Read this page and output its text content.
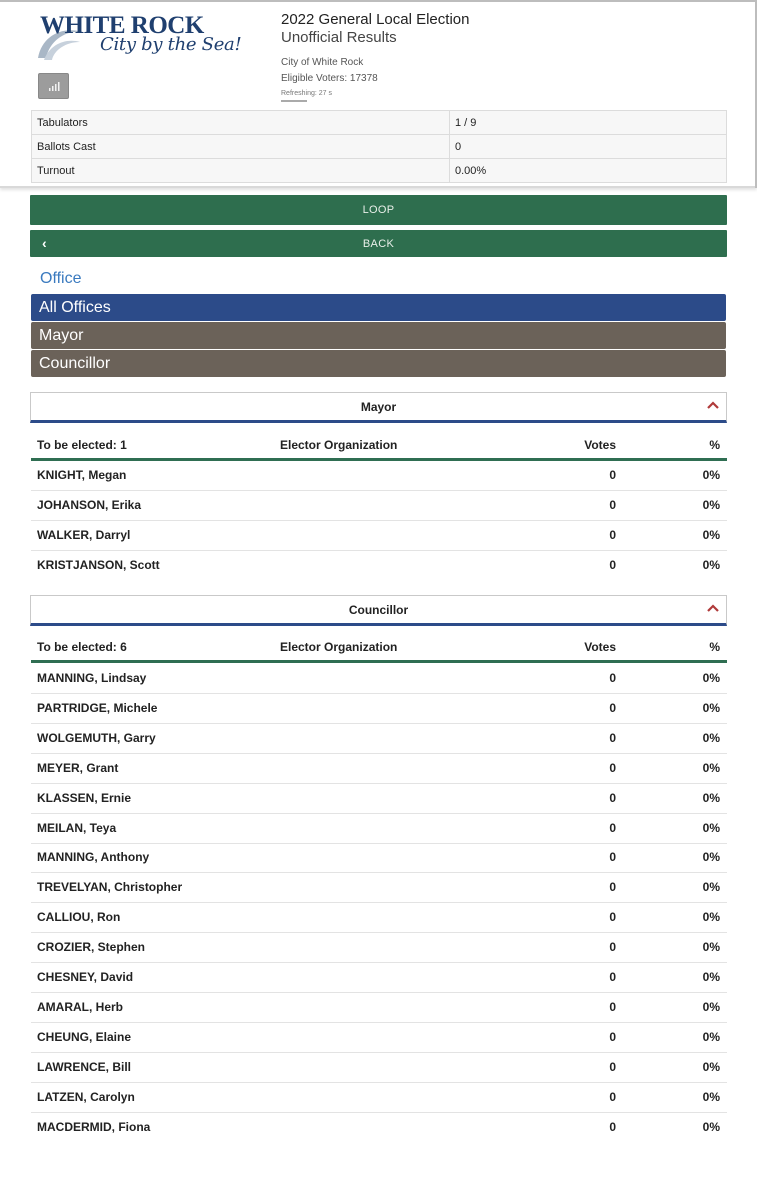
WHITE ROCK
City by the Sea!
2022 General Local Election
Unofficial Results
City of White Rock
Eligible Voters: 17378
Refreshing: 27 s
Tabulators	1 / 9
Ballots Cast	0
Turnout	0.00%
LOOP
‹	BACK
Office
All Offices
Mayor
Councillor
Mayor
To be elected: 1	Elector Organization	Votes	%
KNIGHT, Megan	0	0%
JOHANSON, Erika	0	0%
WALKER, Darryl	0	0%
KRISTJANSON, Scott	0	0%
Councillor
To be elected: 6	Elector Organization	Votes	%
MANNING, Lindsay	0	0%
PARTRIDGE, Michele	0	0%
WOLGEMUTH, Garry	0	0%
MEYER, Grant	0	0%
KLASSEN, Ernie	0	0%
MEILAN, Teya	0	0%
MANNING, Anthony	0	0%
TREVELYAN, Christopher	0	0%
CALLIOU, Ron	0	0%
CROZIER, Stephen	0	0%
CHESNEY, David	0	0%
AMARAL, Herb	0	0%
CHEUNG, Elaine	0	0%
LAWRENCE, Bill	0	0%
LATZEN, Carolyn	0	0%
MACDERMID, Fiona	0	0%
